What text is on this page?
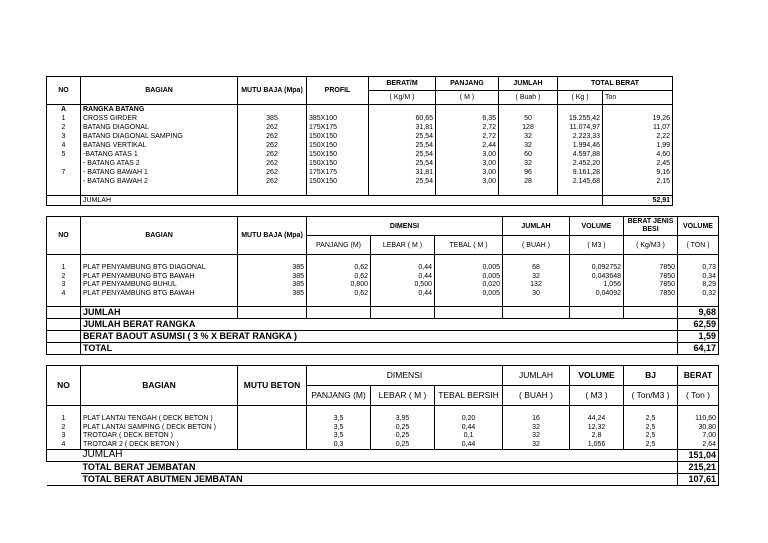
NO	BAGIAN	MUTU BAJA (Mpa)	PROFIL	BERAT/M	PANJANG	JUMLAH	TOTAL BERAT	
				( Kg/M )	( M )	( Buah )	( Kg )	Ton
A	RANGKA BATANG							
1	CROSS GIRDER	385	385X100	60,65	6,35	50	19.255,42	19,26
2	BATANG DIAGONAL	262	175X175	31,81	2,72	128	11.074,97	11,07
3	BATANG DIAGONAL SAMPING	262	150X150	25,54	2,72	32	2.223,33	2,22
4	BATANG VERTIKAL	262	150X150	25,54	2,44	32	1.994,46	1,99
5	-BATANG ATAS 1	262	150X150	25,54	3,00	60	4.597,88	4,60
	- BATANG ATAS 2	262	150X150	25,54	3,00	32	2.452,20	2,45
7	- BATANG BAWAH 1	262	175X175	31,81	3,00	96	9.161,28	9,16
	- BATANG BAWAH 2	262	150X150	25,54	3,00	28	2.145,68	2,15

	JUMLAH							52,91
NO	BAGIAN	MUTU BAJA (Mpa)	DIMENSI			JUMLAH	VOLUME	BERAT JENIS BESI	VOLUME
			PANJANG (M)	LEBAR ( M )	TEBAL ( M )	( BUAH )	( M3 )	( Kg/M3 )	( TON )

1	PLAT PENYAMBUNG BTG DIAGONAL	385	0,62	0,44	0,005	68	0,092752	7850	0,73
2	PLAT PENYAMBUNG BTG BAWAH	385	0,62	0,44	0,005	32	0,043648	7850	0,34
3	PLAT PENYAMBUNG BUHUL	385	0,800	0,500	0,020	132	1,056	7850	8,29
4	PLAT PENYAMBUNG BTG BAWAH	385	0,62	0,44	0,005	30	0,04092	7850	0,32

	JUMLAH								9,68
	JUMLAH BERAT RANGKA								62,59
	BERAT BAOUT ASUMSI ( 3 % X BERAT RANGKA )								1,59
	TOTAL								64,17
NO	BAGIAN	MUTU BETON	DIMENSI			JUMLAH	VOLUME	BJ	BERAT
			PANJANG (M)	LEBAR ( M )	TEBAL BERSIH	( BUAH )	( M3 )	( Ton/M3 )	( Ton )

1	PLAT LANTAI TENGAH ( DECK BETON )		3,5	3,95	0,20	16	44,24	2,5	110,60
2	PLAT LANTAI SAMPING ( DECK BETON )		3,5	0,25	0,44	32	12,32	2,5	30,80
3	TROTOAR ( DECK BETON )		3,5	0,25	0,1	32	2,8	2,5	7,00
4	TROTOAR 2 ( DECK BETON )		0,3	0,25	0,44	32	1,056	2,5	2,64
	JUMLAH								151,04
	TOTAL BERAT JEMBATAN								215,21
	TOTAL BERAT ABUTMEN JEMBATAN								107,61
